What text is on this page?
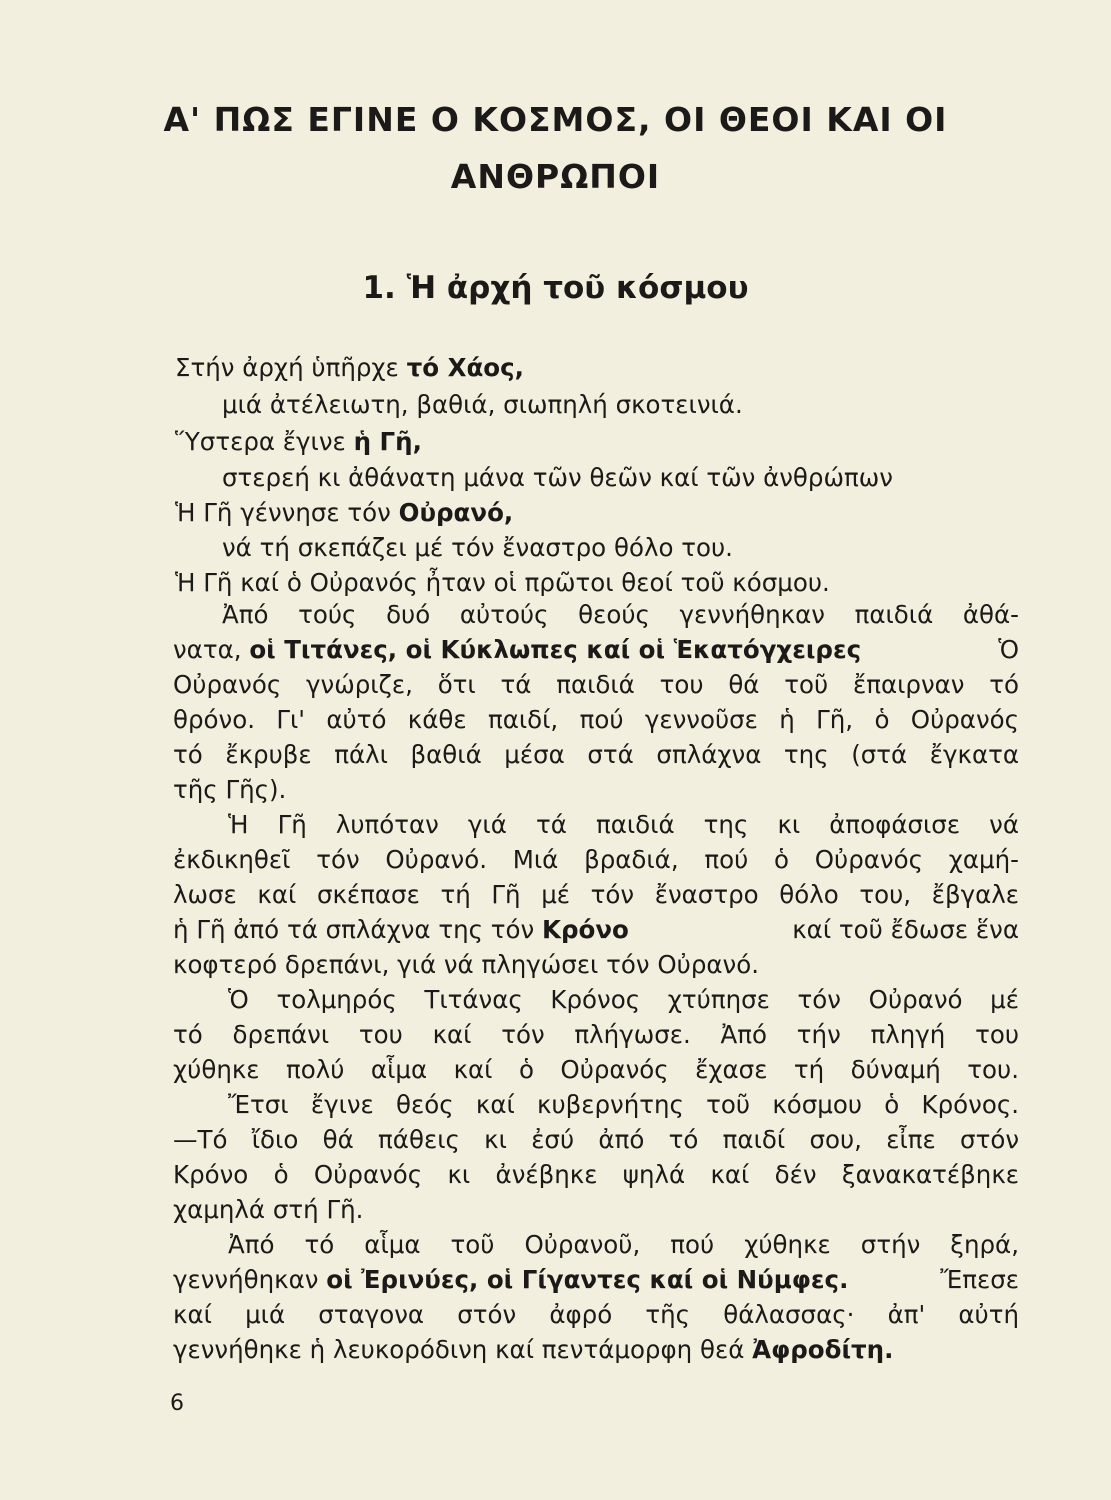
Α' ΠΩΣ ΕΓΙΝΕ Ο ΚΟΣΜΟΣ, ΟΙ ΘΕΟΙ ΚΑΙ ΟΙ
ΑΝΘΡΩΠΟΙ
1. Ἡ ἀρχή τοῦ κόσμου
Στήν ἀρχή ὑπῆρχε τό Χάος,
μιά ἀτέλειωτη, βαθιά, σιωπηλή σκοτεινιά.
Ὕστερα ἔγινε ἡ Γῆ,
στερεή κι ἀθάνατη μάνα τῶν θεῶν καί τῶν ἀνθρώπων
Ἡ Γῆ γέννησε τόν Οὐρανό,
νά τή σκεπάζει μέ τόν ἔναστρο θόλο του.
Ἡ Γῆ καί ὁ Οὐρανός ἦταν οἱ πρῶτοι θεοί τοῦ κόσμου.
Ἀπό τούς δυό αὐτούς θεούς γεννήθηκαν παιδιά ἀθά-
νατα, οἱ Τιτάνες, οἱ Κύκλωπες καί οἱ Ἑκατόγχειρες	Ὁ
Οὐρανός γνώριζε, ὅτι τά παιδιά του θά τοῦ ἔπαιρναν τό
θρόνο. Γι' αὐτό κάθε παιδί, πού γεννοῦσε ἡ Γῆ, ὁ Οὐρανός
τό ἔκρυβε πάλι βαθιά μέσα στά σπλάχνα της (στά ἔγκατα
τῆς Γῆς).
Ἡ Γῆ λυπόταν γιά τά παιδιά της κι ἀποφάσισε νά
ἐκδικηθεῖ τόν Οὐρανό. Μιά βραδιά, πού ὁ Οὐρανός χαμή-
λωσε καί σκέπασε τή Γῆ μέ τόν ἔναστρο θόλο του, ἔβγαλε
ἡ Γῆ ἀπό τά σπλάχνα της τόν Κρόνο	καί τοῦ ἔδωσε ἕνα
κοφτερό δρεπάνι, γιά νά πληγώσει τόν Οὐρανό.
Ὁ τολμηρός Τιτάνας Κρόνος χτύπησε τόν Οὐρανό μέ
τό δρεπάνι του καί τόν πλήγωσε. Ἀπό τήν πληγή του
χύθηκε πολύ αἷμα καί ὁ Οὐρανός ἔχασε τή δύναμή του.
Ἔτσι ἔγινε θεός καί κυβερνήτης τοῦ κόσμου ὁ Κρόνος.
—Τό ἴδιο θά πάθεις κι ἐσύ ἀπό τό παιδί σου, εἶπε στόν
Κρόνο ὁ Οὐρανός κι ἀνέβηκε ψηλά καί δέν ξανακατέβηκε
χαμηλά στή Γῆ.
Ἀπό τό αἷμα τοῦ Οὐρανοῦ, πού χύθηκε στήν ξηρά,
γεννήθηκαν οἱ Ἐρινύες, οἱ Γίγαντες καί οἱ Νύμφες.	Ἔπεσε
καί μιά σταγονα στόν ἀφρό τῆς θάλασσας· ἀπ' αὐτή
γεννήθηκε ἡ λευκορόδινη καί πεντάμορφη θεά Ἀφροδίτη.
6
